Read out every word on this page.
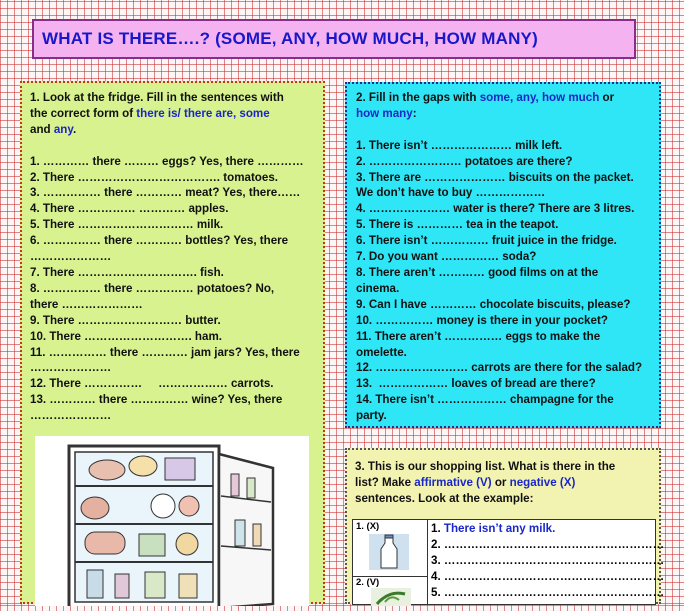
WHAT IS THERE….? (SOME, ANY, HOW MUCH, HOW MANY)
1. Look at the fridge. Fill in the sentences with
the correct form of there is/ there are, some
and any.

1. ………… there ……… eggs? Yes, there …………
2. There ………………………………. tomatoes.
3. …………… there ………… meat? Yes, there……
4. There …………… ………… apples.
5. There ………………………… milk.
6. …………… there ………… bottles? Yes, there
…………………
7. There …………………………. fish.
8. …………… there …………… potatoes? No,
there …………………
9. There ……………………… butter.
10. There ………………………. ham.
11. …………… there ………… jam jars? Yes, there
…………………
12. There ……………     ……………… carrots.
13. ………… there …………… wine? Yes, there
…………………
2. Fill in the gaps with some, any, how much or
how many:

1. There isn’t ………………… milk left.
2. …………………… potatoes are there?
3. There are ………………… biscuits on the packet.
We don’t have to buy ………………
4. ………………… water is there? There are 3 litres.
5. There is ………… tea in the teapot.
6. There isn’t …………… fruit juice in the fridge.
7. Do you want …………… soda?
8. There aren’t ………… good films on at the
cinema.
9. Can I have ………… chocolate biscuits, please?
10. …………… money is there in your pocket?
11. There aren’t …………… eggs to make the
omelette.
12. …………………… carrots are there for the salad?
13.  ……………… loaves of bread are there?
14. There isn’t ……………… champagne for the
party.
3. This is our shopping list. What is there in the
list? Make affirmative (V) or negative (X)
sentences. Look at the example:
1. (X)
2. (V)
1. There isn’t any milk.
2. …………………………………………………
3. …………………………………………………
4. …………………………………………………
5. …………………………………………………
